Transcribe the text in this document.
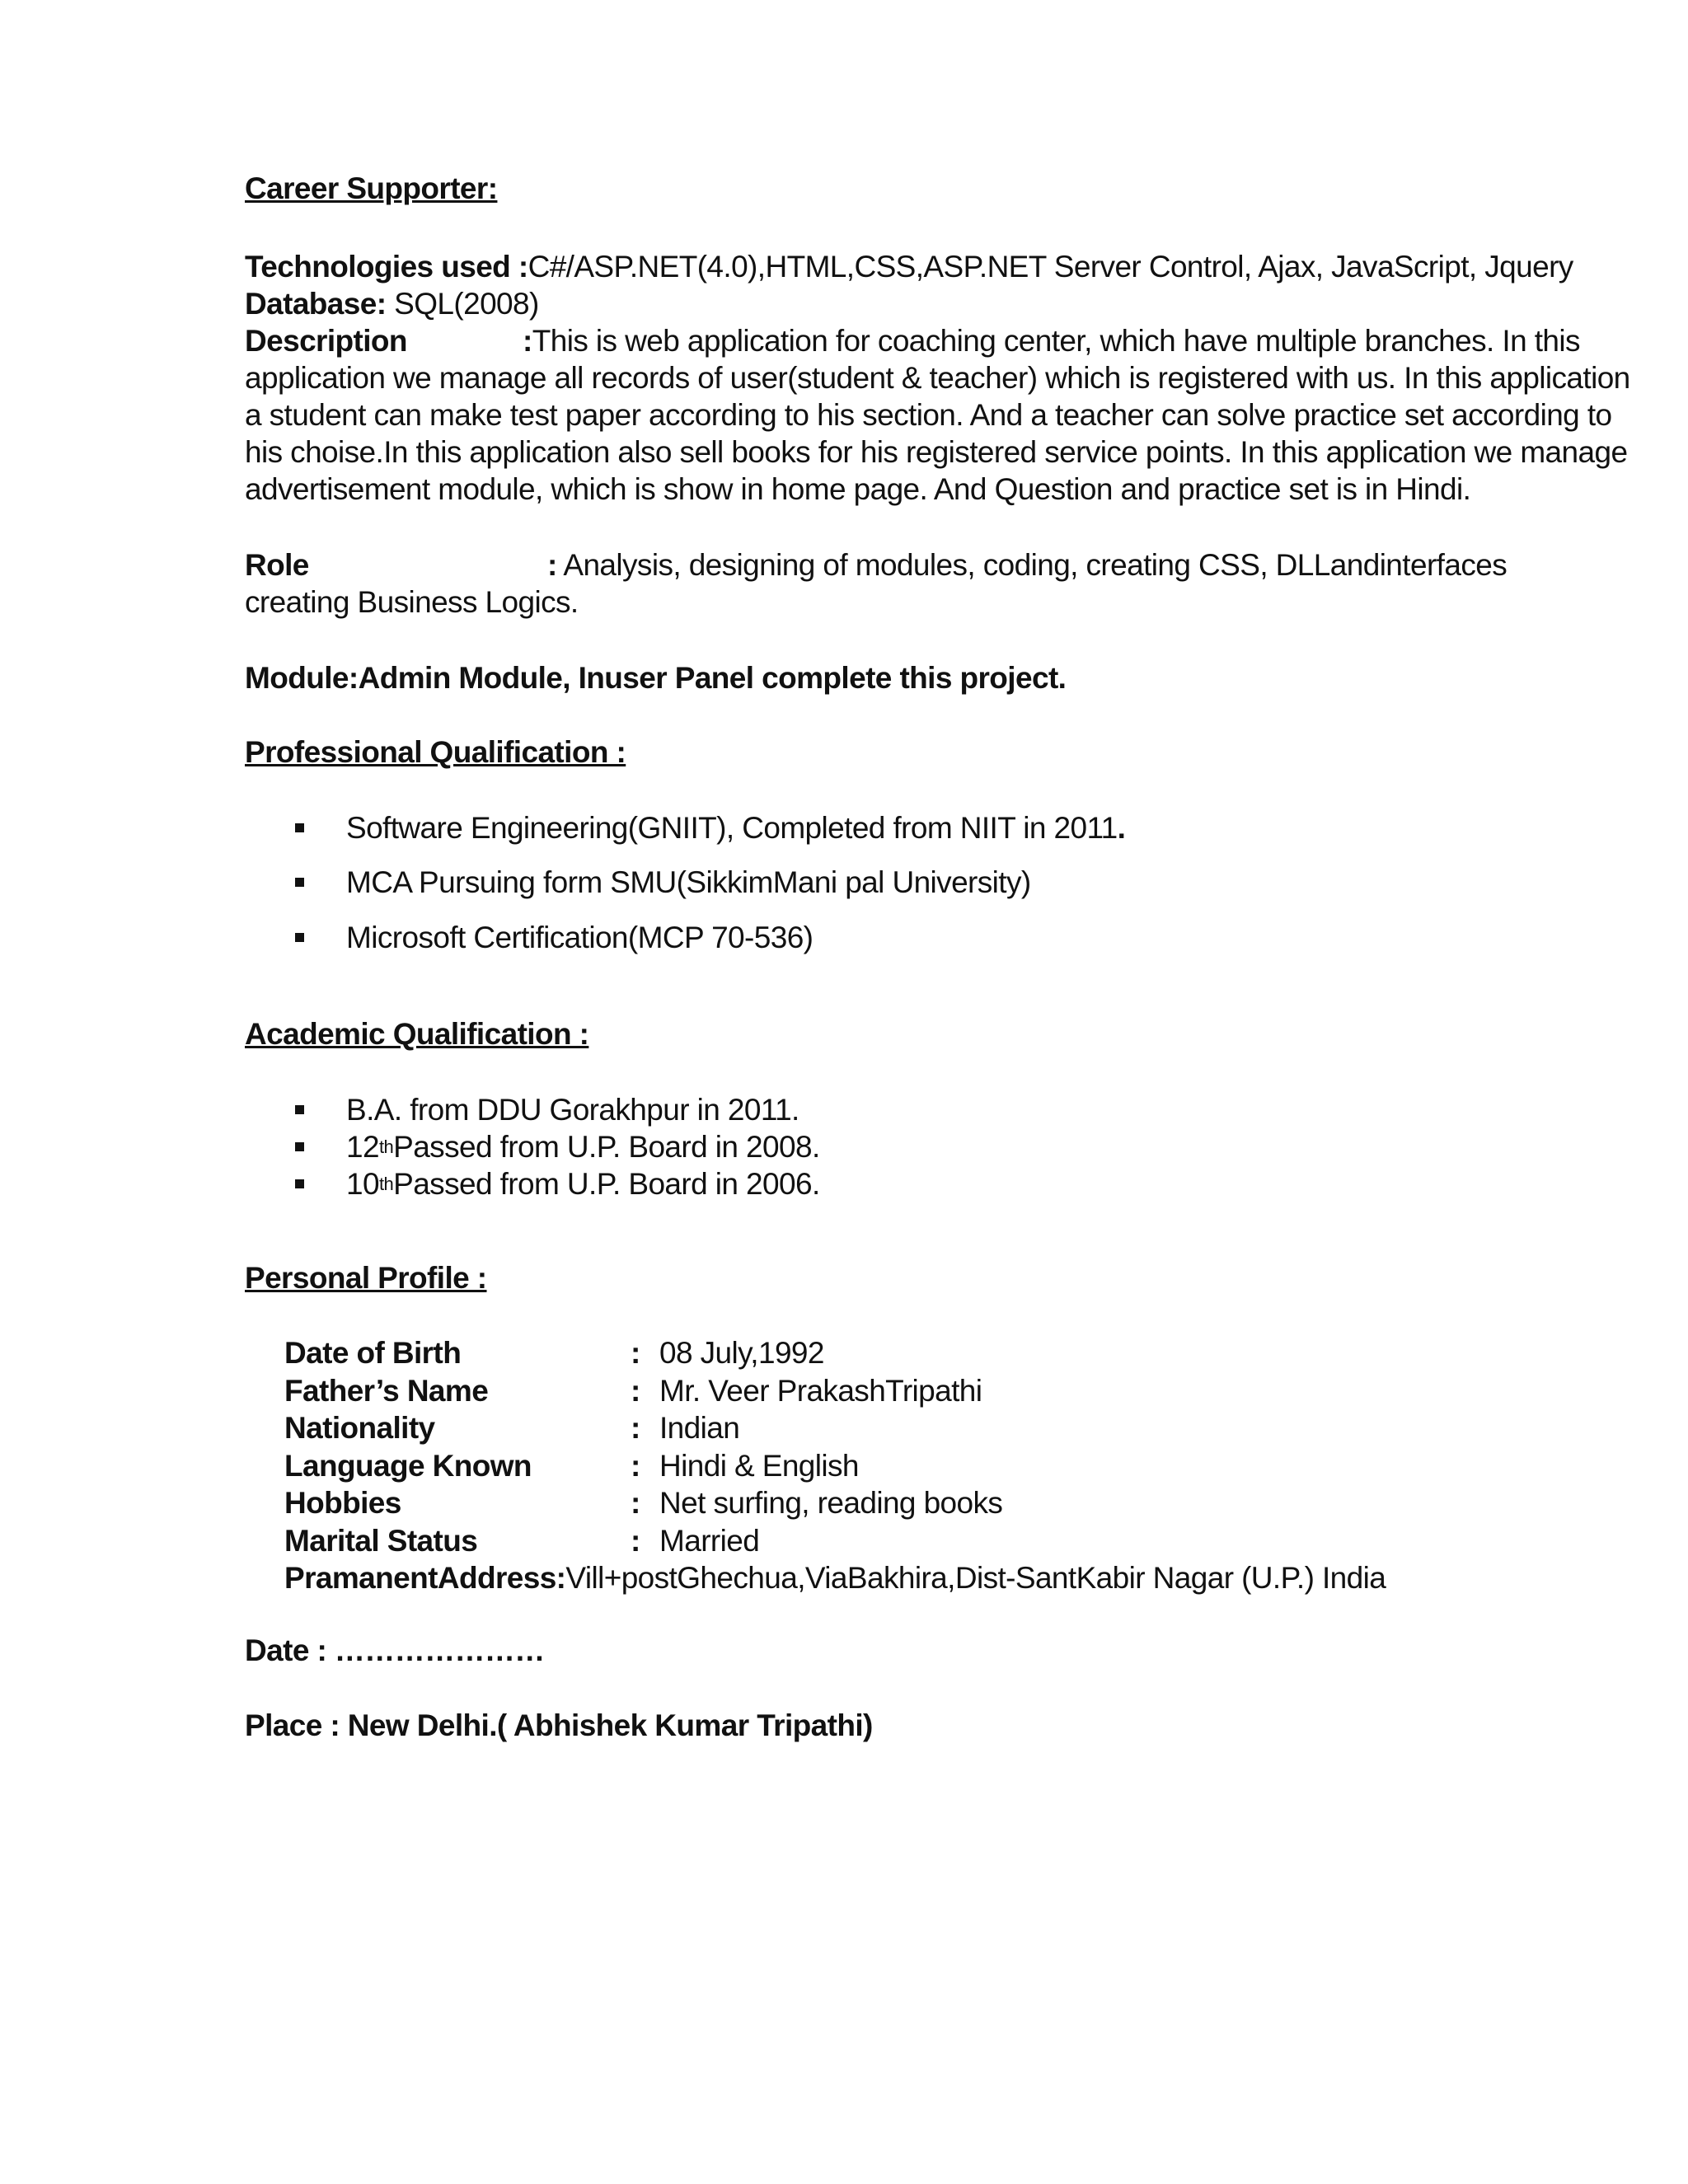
Career Supporter:
Technologies used :C#/ASP.NET(4.0),HTML,CSS,ASP.NET Server Control, Ajax, JavaScript, Jquery
Database: SQL(2008)
Description	:This is web application for coaching center, which have multiple branches. In this
application we manage all records of user(student & teacher) which is registered with us. In this application
a student can make test paper according to his section. And a teacher can solve practice set according to
his choise.In this application also sell books for his registered service points. In this application we manage
advertisement module, which is show in home page. And Question and practice set is in Hindi.
Role	: Analysis, designing of modules, coding, creating CSS, DLLandinterfaces
creating Business Logics.
Module:Admin Module, Inuser Panel complete this project.
Professional Qualification :
Software Engineering(GNIIT), Completed from NIIT in 2011 .
MCA Pursuing form SMU(SikkimMani pal University)
Microsoft Certification(MCP 70-536)
Academic Qualification :
B.A. from DDU Gorakhpur in 2011.
12 th Passed from U.P. Board in 2008.
10 th Passed from U.P. Board in 2006.
Personal Profile :
Date of Birth	: 08 July,1992
Father’s Name	: Mr. Veer PrakashTripathi
Nationality	: Indian
Language Known	: Hindi & English
Hobbies	: Net surfing, reading books
Marital Status	: Married
PramanentAddress: Vill+postGhechua,ViaBakhira,Dist-SantKabir Nagar (U.P.) India
Date : …………………
Place : New Delhi.( Abhishek Kumar Tripathi)
